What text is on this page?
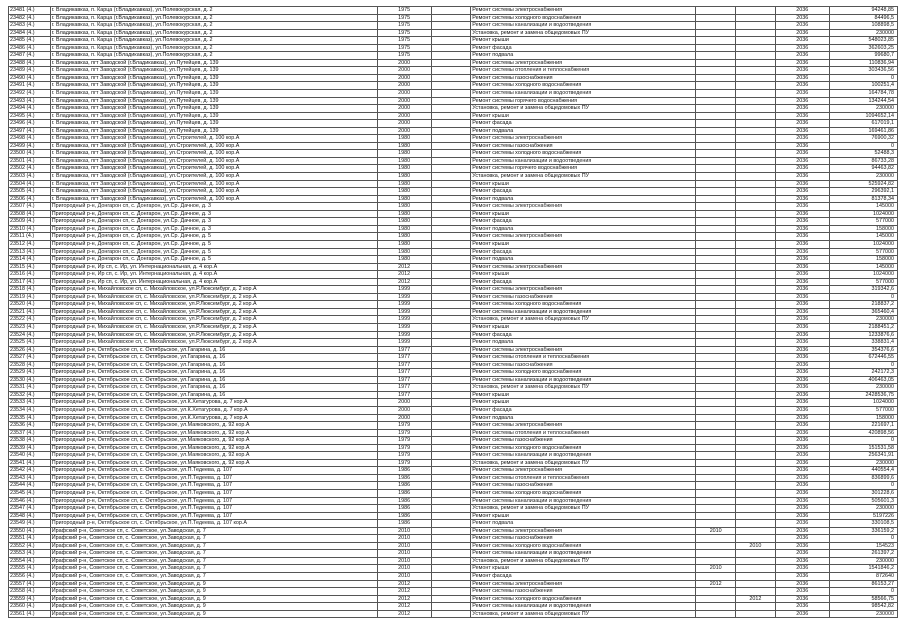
23481 (4.)	г. Владикавказ, п. Карца (г.Владикавказ), ул.Полевокурская, д. 2	1975		Ремонт системы электроснабжения			2036	94248,85
23482 (4.)	г. Владикавказ, п. Карца (г.Владикавказ), ул.Полевокурская, д. 2	1975		Ремонт системы холодного водоснабжения			2036	84496,5
23483 (4.)	г. Владикавказ, п. Карца (г.Владикавказ), ул.Полевокурская, д. 2	1975		Ремонт системы канализации и водоотведения			2036	108898,5
23484 (4.)	г. Владикавказ, п. Карца (г.Владикавказ), ул.Полевокурская, д. 2	1975		Установка, ремонт и замена общедомовых ПУ			2036	230000
23485 (4.)	г. Владикавказ, п. Карца (г.Владикавказ), ул.Полевокурская, д. 2	1975		Ремонт крыши			2036	548023,85
23486 (4.)	г. Владикавказ, п. Карца (г.Владикавказ), ул.Полевокурская, д. 2	1975		Ремонт фасада			2036	362603,25
23487 (4.)	г. Владикавказ, п. Карца (г.Владикавказ), ул.Полевокурская, д. 2	1975		Ремонт подвала			2036	99680,7
23488 (4.)	г. Владикавказ, пгт Заводской (г.Владикавказ), ул.Путейцев, д. 139	2000		Ремонт системы электроснабжения			2036	110836,94
23489 (4.)	г. Владикавказ, пгт Заводской (г.Владикавказ), ул.Путейцев, д. 139	2000		Ремонт системы отопления и теплоснабжения			2036	303436,56
23490 (4.)	г. Владикавказ, пгт Заводской (г.Владикавказ), ул.Путейцев, д. 139	2000		Ремонт системы газоснабжения			2036	0
23491 (4.)	г. Владикавказ, пгт Заводской (г.Владикавказ), ул.Путейцев, д. 139	2000		Ремонт системы холодного водоснабжения			2036	100251,4
23492 (4.)	г. Владикавказ, пгт Заводской (г.Владикавказ), ул.Путейцев, д. 139	2000		Ремонт системы канализации и водоотведения			2036	164784,78
23493 (4.)	г. Владикавказ, пгт Заводской (г.Владикавказ), ул.Путейцев, д. 139	2000		Ремонт системы горячего водоснабжения			2036	134244,54
23494 (4.)	г. Владикавказ, пгт Заводской (г.Владикавказ), ул.Путейцев, д. 139	2000		Установка, ремонт и замена общедомовых ПУ			2036	230000
23495 (4.)	г. Владикавказ, пгт Заводской (г.Владикавказ), ул.Путейцев, д. 139	2000		Ремонт крыши			2036	1094652,14
23496 (4.)	г. Владикавказ, пгт Заводской (г.Владикавказ), ул.Путейцев, д. 139	2000		Ремонт фасада			2036	617019,1
23497 (4.)	г. Владикавказ, пгт Заводской (г.Владикавказ), ул.Путейцев, д. 139	2000		Ремонт подвала			2036	169461,86
23498 (4.)	г. Владикавказ, пгт Заводской (г.Владикавказ), ул.Строителей, д. 100 кор.А	1980		Ремонт системы электроснабжения			2036	76900,32
23499 (4.)	г. Владикавказ, пгт Заводской (г.Владикавказ), ул.Строителей, д. 100 кор.А	1980		Ремонт системы газоснабжения			2036	0
23500 (4.)	г. Владикавказ, пгт Заводской (г.Владикавказ), ул.Строителей, д. 100 кор.А	1980		Ремонт системы холодного водоснабжения			2036	52488,3
23501 (4.)	г. Владикавказ, пгт Заводской (г.Владикавказ), ул.Строителей, д. 100 кор.А	1980		Ремонт системы канализации и водоотведения			2036	86733,28
23502 (4.)	г. Владикавказ, пгт Заводской (г.Владикавказ), ул.Строителей, д. 100 кор.А	1980		Ремонт системы горячего водоснабжения			2036	94463,82
23503 (4.)	г. Владикавказ, пгт Заводской (г.Владикавказ), ул.Строителей, д. 100 кор.А	1980		Установка, ремонт и замена общедомовых ПУ			2036	230000
23504 (4.)	г. Владикавказ, пгт Заводской (г.Владикавказ), ул.Строителей, д. 100 кор.А	1980		Ремонт крыши			2036	525924,82
23505 (4.)	г. Владикавказ, пгт Заводской (г.Владикавказ), ул.Строителей, д. 100 кор.А	1980		Ремонт фасада			2036	296392,1
23506 (4.)	г. Владикавказ, пгт Заводской (г.Владикавказ), ул.Строителей, д. 100 кор.А	1980		Ремонт подвала			2036	81378,34
23507 (4.)	Пригородный р-н, Донгарон сп, с. Донгарон, ул.Ср. Дачное, д. 3	1980		Ремонт системы электроснабжения			2036	145000
23508 (4.)	Пригородный р-н, Донгарон сп, с. Донгарон, ул.Ср. Дачное, д. 3	1980		Ремонт крыши			2036	1024000
23509 (4.)	Пригородный р-н, Донгарон сп, с. Донгарон, ул.Ср. Дачное, д. 3	1980		Ремонт фасада			2036	577000
23510 (4.)	Пригородный р-н, Донгарон сп, с. Донгарон, ул.Ср. Дачное, д. 3	1980		Ремонт подвала			2036	158000
23511 (4.)	Пригородный р-н, Донгарон сп, с. Донгарон, ул.Ср. Дачное, д. 5	1980		Ремонт системы электроснабжения			2036	145000
23512 (4.)	Пригородный р-н, Донгарон сп, с. Донгарон, ул.Ср. Дачное, д. 5	1980		Ремонт крыши			2036	1024000
23513 (4.)	Пригородный р-н, Донгарон сп, с. Донгарон, ул.Ср. Дачное, д. 5	1980		Ремонт фасада			2036	577000
23514 (4.)	Пригородный р-н, Донгарон сп, с. Донгарон, ул.Ср. Дачное, д. 5	1980		Ремонт подвала			2036	158000
23515 (4.)	Пригородный р-н, Ир сп, с. Ир, ул. Интернациональная, д. 4 кор.А	2012		Ремонт системы электроснабжения			2036	145000
23516 (4.)	Пригородный р-н, Ир сп, с. Ир, ул. Интернациональная, д. 4 кор.А	2012		Ремонт крыши			2036	1024000
23517 (4.)	Пригородный р-н, Ир сп, с. Ир, ул. Интернациональная, д. 4 кор.А	2012		Ремонт фасада			2036	577000
23518 (4.)	Пригородный р-н, Михайловское сп, с. Михайловское, ул.Р.Люксембург, д. 2 кор.А	1999		Ремонт системы электроснабжения			2036	319342,6
23519 (4.)	Пригородный р-н, Михайловское сп, с. Михайловское, ул.Р.Люксембург, д. 2 кор.А	1999		Ремонт системы газоснабжения			2036	0
23520 (4.)	Пригородный р-н, Михайловское сп, с. Михайловское, ул.Р.Люксембург, д. 2 кор.А	1999		Ремонт системы холодного водоснабжения			2036	218837,2
23521 (4.)	Пригородный р-н, Михайловское сп, с. Михайловское, ул.Р.Люксембург, д. 2 кор.А	1999		Ремонт системы канализации и водоотведения			2036	365460,4
23522 (4.)	Пригородный р-н, Михайловское сп, с. Михайловское, ул.Р.Люксембург, д. 2 кор.А	1999		Установка, ремонт и замена общедомовых ПУ			2036	230000
23523 (4.)	Пригородный р-н, Михайловское сп, с. Михайловское, ул.Р.Люксембург, д. 2 кор.А	1999		Ремонт крыши			2036	2188451,2
23524 (4.)	Пригородный р-н, Михайловское сп, с. Михайловское, ул.Р.Люксембург, д. 2 кор.А	1999		Ремонт фасада			2036	1233876,6
23525 (4.)	Пригородный р-н, Михайловское сп, с. Михайловское, ул.Р.Люксембург, д. 2 кор.А	1999		Ремонт подвала			2036	338831,4
23526 (4.)	Пригородный р-н, Октябрьское сп, с. Октябрьское, ул.Гагарина, д. 16	1977		Ремонт системы электроснабжения			2036	354376,6
23527 (4.)	Пригородный р-н, Октябрьское сп, с. Октябрьское, ул.Гагарина, д. 16	1977		Ремонт системы отопления и теплоснабжения			2036	672446,55
23528 (4.)	Пригородный р-н, Октябрьское сп, с. Октябрьское, ул.Гагарина, д. 16	1977		Ремонт системы газоснабжения			2036	0
23529 (4.)	Пригородный р-н, Октябрьское сп, с. Октябрьское, ул.Гагарина, д. 16	1977		Ремонт системы холодного водоснабжения			2036	242172,3
23530 (4.)	Пригородный р-н, Октябрьское сп, с. Октябрьское, ул.Гагарина, д. 16	1977		Ремонт системы канализации и водоотведения			2036	406463,05
23531 (4.)	Пригородный р-н, Октябрьское сп, с. Октябрьское, ул.Гагарина, д. 16	1977		Установка, ремонт и замена общедомовых ПУ			2036	230000
23532 (4.)	Пригородный р-н, Октябрьское сп, с. Октябрьское, ул.Гагарина, д. 16	1977		Ремонт крыши			2036	2428536,75
23533 (4.)	Пригородный р-н, Октябрьское сп, с. Октябрьское, ул.К.Хетагурова, д. 7 кор.А	2000		Ремонт крыши			2036	1024000
23534 (4.)	Пригородный р-н, Октябрьское сп, с. Октябрьское, ул.К.Хетагурова, д. 7 кор.А	2000		Ремонт фасада			2036	577000
23535 (4.)	Пригородный р-н, Октябрьское сп, с. Октябрьское, ул.К.Хетагурова, д. 7 кор.А	2000		Ремонт подвала			2036	158000
23536 (4.)	Пригородный р-н, Октябрьское сп, с. Октябрьское, ул.Маяковского, д. 92 кор.А	1979		Ремонт системы электроснабжения			2036	221697,1
23537 (4.)	Пригородный р-н, Октябрьское сп, с. Октябрьское, ул.Маяковского, д. 92 кор.А	1979		Ремонт системы отопления и теплоснабжения			2036	420898,56
23538 (4.)	Пригородный р-н, Октябрьское сп, с. Октябрьское, ул.Маяковского, д. 92 кор.А	1979		Ремонт системы газоснабжения			2036	0
23539 (4.)	Пригородный р-н, Октябрьское сп, с. Октябрьское, ул.Маяковского, д. 92 кор.А	1979		Ремонт системы холодного водоснабжения			2036	151531,58
23540 (4.)	Пригородный р-н, Октябрьское сп, с. Октябрьское, ул.Маяковского, д. 92 кор.А	1979		Ремонт системы канализации и водоотведения			2036	256341,91
23541 (4.)	Пригородный р-н, Октябрьское сп, с. Октябрьское, ул.Маяковского, д. 92 кор.А	1979		Установка, ремонт и замена общедомовых ПУ			2036	230000
23542 (4.)	Пригородный р-н, Октябрьское сп, с. Октябрьское, ул.П.Тедеева, д. 107	1986		Ремонт системы электроснабжения			2036	440554,4
23543 (4.)	Пригородный р-н, Октябрьское сп, с. Октябрьское, ул.П.Тедеева, д. 107	1986		Ремонт системы отопления и теплоснабжения			2036	836899,6
23544 (4.)	Пригородный р-н, Октябрьское сп, с. Октябрьское, ул.П.Тедеева, д. 107	1986		Ремонт системы газоснабжения			2036	0
23545 (4.)	Пригородный р-н, Октябрьское сп, с. Октябрьское, ул.П.Тедеева, д. 107	1986		Ремонт системы холодного водоснабжения			2036	301228,6
23546 (4.)	Пригородный р-н, Октябрьское сп, с. Октябрьское, ул.П.Тедеева, д. 107	1986		Ремонт системы канализации и водоотведения			2036	505601,3
23547 (4.)	Пригородный р-н, Октябрьское сп, с. Октябрьское, ул.П.Тедеева, д. 107	1986		Установка, ремонт и замена общедомовых ПУ			2036	230000
23548 (4.)	Пригородный р-н, Октябрьское сп, с. Октябрьское, ул.П.Тедеева, д. 107	1986		Ремонт крыши			2036	5197226
23549 (4.)	Пригородный р-н, Октябрьское сп, с. Октябрьское, ул.П.Тедеева, д. 107 кор.А	1986		Ремонт подвала			2036	330108,5
23550 (4.)	Ирафский р-н, Советское сп, с. Советское, ул.Заводская, д. 7	2010		Ремонт системы электроснабжения	2010		2036	336159,2
23551 (4.)	Ирафский р-н, Советское сп, с. Советское, ул.Заводская, д. 7	2010		Ремонт системы газоснабжения			2036	0
23552 (4.)	Ирафский р-н, Советское сп, с. Советское, ул.Заводская, д. 7	2010		Ремонт системы холодного водоснабжения		2010	2036	154523
23553 (4.)	Ирафский р-н, Советское сп, с. Советское, ул.Заводская, д. 7	2010		Ремонт системы канализации и водоотведения			2036	261397,2
23554 (4.)	Ирафский р-н, Советское сп, с. Советское, ул.Заводская, д. 7	2010		Установка, ремонт и замена общедомовых ПУ			2036	230000
23555 (4.)	Ирафский р-н, Советское сп, с. Советское, ул.Заводская, д. 7	2010		Ремонт крыши	2010		2036	1541846,2
23556 (4.)	Ирафский р-н, Советское сп, с. Советское, ул.Заводская, д. 7	2010		Ремонт фасада			2036	872640
23557 (4.)	Ирафский р-н, Советское сп, с. Советское, ул.Заводская, д. 9	2012		Ремонт системы электроснабжения	2012		2036	86153,27
23558 (4.)	Ирафский р-н, Советское сп, с. Советское, ул.Заводская, д. 9	2012		Ремонт системы газоснабжения			2036	0
23559 (4.)	Ирафский р-н, Советское сп, с. Советское, ул.Заводская, д. 9	2012		Ремонт системы холодного водоснабжения		2012	2036	58566,75
23560 (4.)	Ирафский р-н, Советское сп, с. Советское, ул.Заводская, д. 9	2012		Ремонт системы канализации и водоотведения			2036	98542,82
23561 (4.)	Ирафский р-н, Советское сп, с. Советское, ул.Заводская, д. 9	2012		Установка, ремонт и замена общедомовых ПУ			2036	230000
